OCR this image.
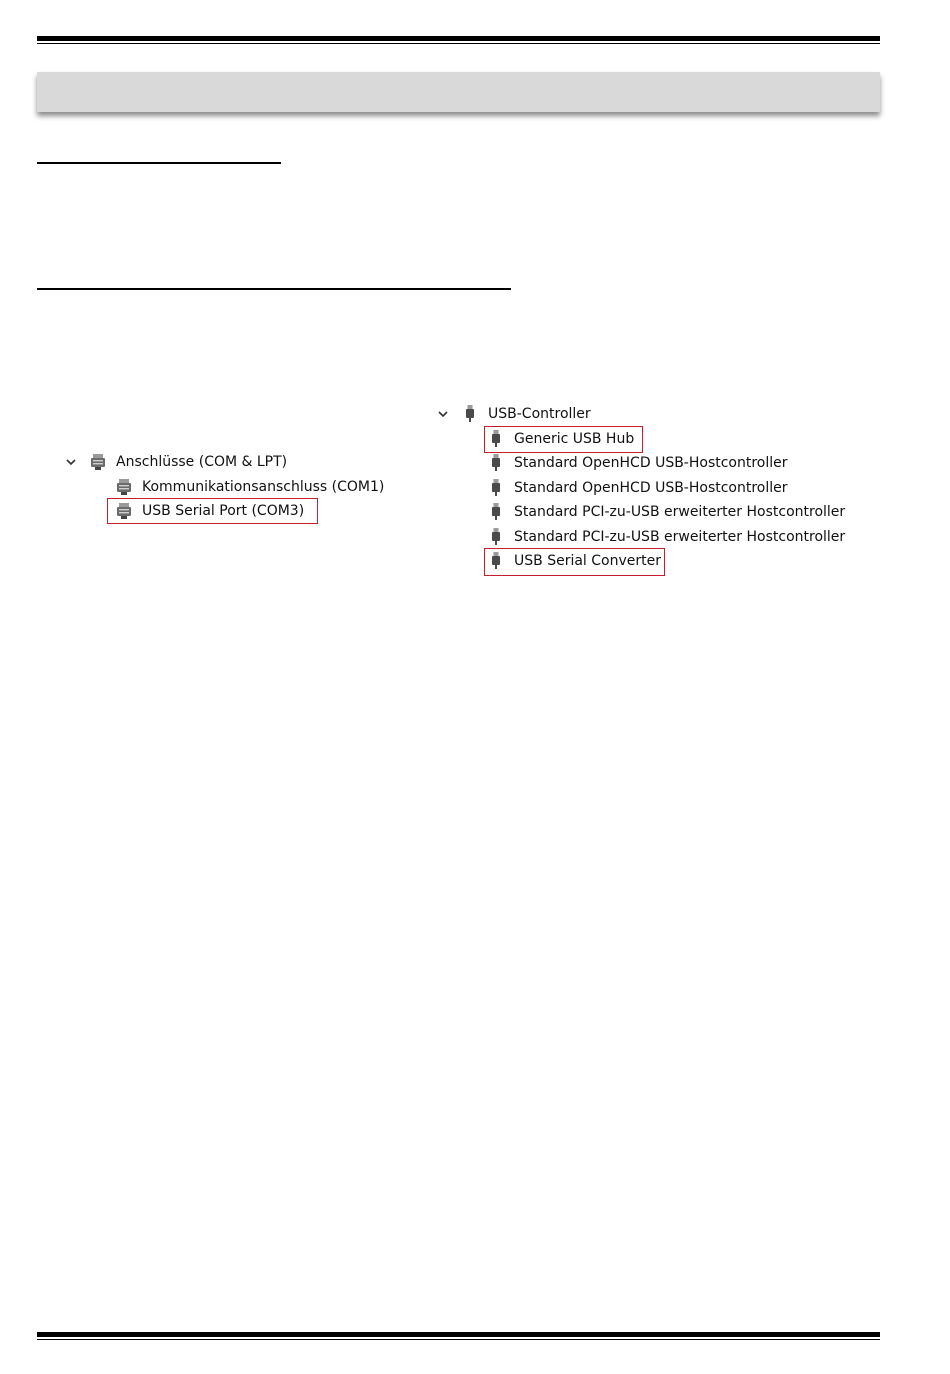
Anschlüsse (COM & LPT)
Kommunikationsanschluss (COM1)
USB Serial Port (COM3)
USB-Controller
Generic USB Hub
Standard OpenHCD USB-Hostcontroller
Standard OpenHCD USB-Hostcontroller
Standard PCI-zu-USB erweiterter Hostcontroller
Standard PCI-zu-USB erweiterter Hostcontroller
USB Serial Converter
